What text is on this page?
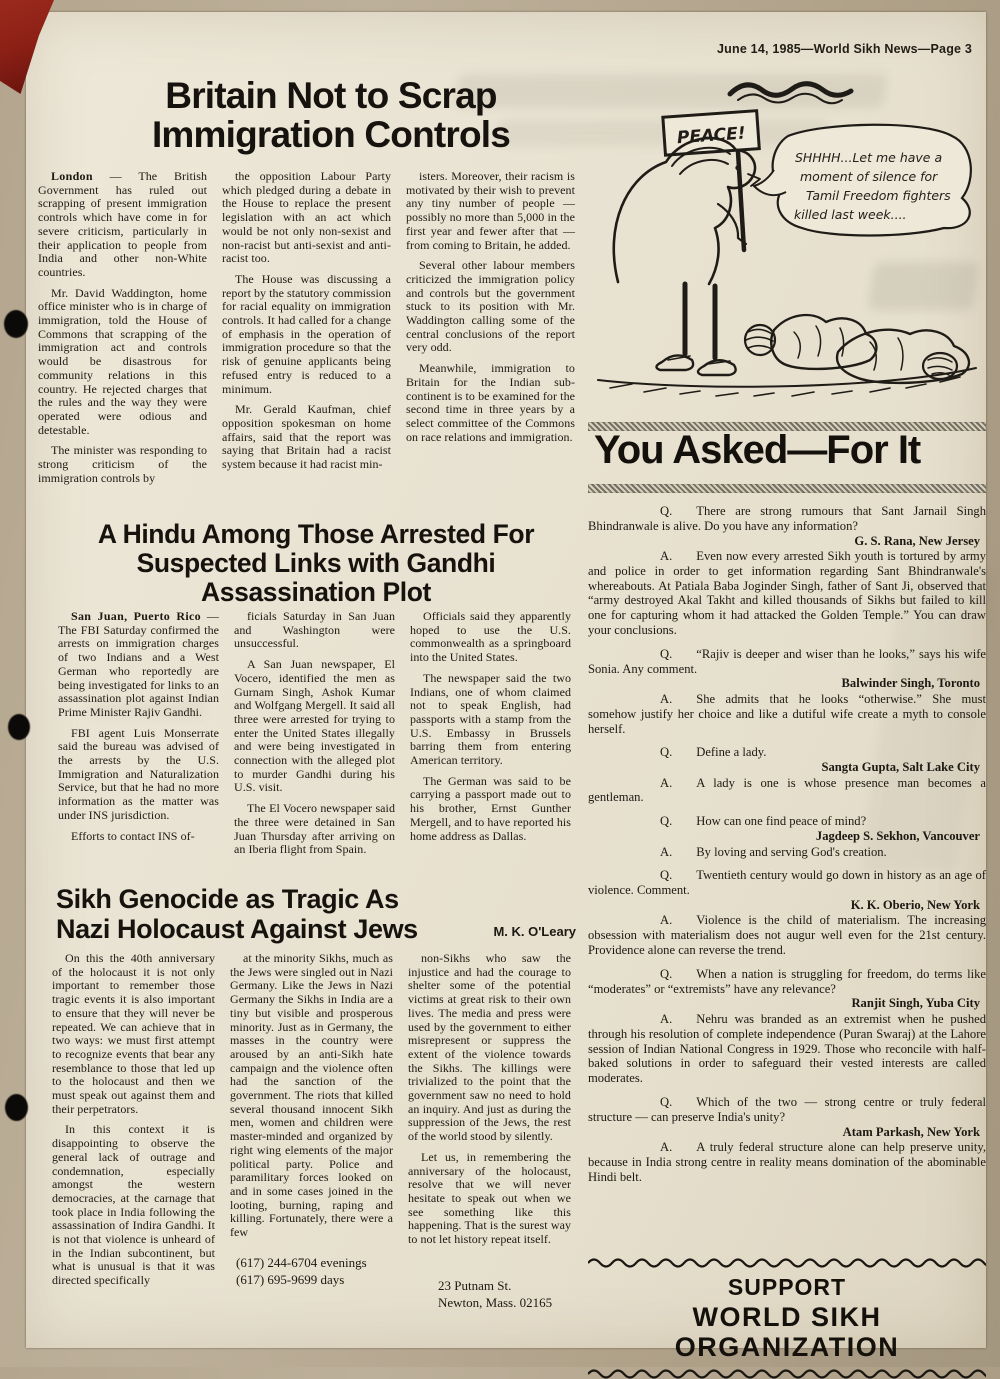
June 14, 1985—World Sikh News—Page 3
Britain Not to Scrap Immigration Controls

London — The British Government has ruled out scrapping of present immigration controls which have come in for severe criticism, particularly in their application to people from India and other non-White countries.

Mr. David Waddington, home office minister who is in charge of immigration, told the House of Commons that scrapping of the immigration act and controls would be disastrous for community relations in this country. He rejected charges that the rules and the way they were operated were odious and detestable.

The minister was responding to strong criticism of the immigration controls by

the opposition Labour Party which pledged during a debate in the House to replace the present legislation with an act which would be not only non-sexist and non-racist but anti-sexist and anti-racist too.

The House was discussing a report by the statutory commission for racial equality on immigration controls. It had called for a change of emphasis in the operation of immigration procedure so that the risk of genuine applicants being refused entry is reduced to a minimum.

Mr. Gerald Kaufman, chief opposition spokesman on home affairs, said that the report was saying that Britain had a racist system because it had racist min-

isters. Moreover, their racism is motivated by their wish to prevent any tiny number of people — possibly no more than 5,000 in the first year and fewer after that — from coming to Britain, he added.

Several other labour members criticized the immigration policy and controls but the government stuck to its position with Mr. Waddington calling some of the central conclusions of the report very odd.

Meanwhile, immigration to Britain for the Indian sub-continent is to be examined for the second time in three years by a select committee of the Commons on race relations and immigration.

A Hindu Among Those Arrested For Suspected Links with Gandhi Assassination Plot

San Juan, Puerto Rico — The FBI Saturday confirmed the arrests on immigration charges of two Indians and a West German who reportedly are being investigated for links to an assassination plot against Indian Prime Minister Rajiv Gandhi.

FBI agent Luis Monserrate said the bureau was advised of the arrests by the U.S. Immigration and Naturalization Service, but that he had no more information as the matter was under INS jurisdiction.

Efforts to contact INS of-

ficials Saturday in San Juan and Washington were unsuccessful.

A San Juan newspaper, El Vocero, identified the men as Gurnam Singh, Ashok Kumar and Wolfgang Mergell. It said all three were arrested for trying to enter the United States illegally and were being investigated in connection with the alleged plot to murder Gandhi during his U.S. visit.

The El Vocero newspaper said the three were detained in San Juan Thursday after arriving on an Iberia flight from Spain.

Officials said they apparently hoped to use the U.S. commonwealth as a springboard into the United States.

The newspaper said the two Indians, one of whom claimed not to speak English, had passports with a stamp from the U.S. Embassy in Brussels barring them from entering American territory.

The German was said to be carrying a passport made out to his brother, Ernst Gunther Mergell, and to have reported his home address as Dallas.

Sikh Genocide as Tragic As
Nazi Holocaust Against Jews	M. K. O'Leary

On this the 40th anniversary of the holocaust it is not only important to remember those tragic events it is also important to ensure that they will never be repeated. We can achieve that in two ways: we must first attempt to recognize events that bear any resemblance to those that led up to the holocaust and then we must speak out against them and their perpetrators.

In this context it is disappointing to observe the general lack of outrage and condemnation, especially amongst the western democracies, at the carnage that took place in India following the assassination of Indira Gandhi. It is not that violence is unheard of in the Indian subcontinent, but what is unusual is that it was directed specifically

at the minority Sikhs, much as the Jews were singled out in Nazi Germany. Like the Jews in Nazi Germany the Sikhs in India are a tiny but visible and prosperous minority. Just as in Germany, the masses in the country were aroused by an anti-Sikh hate campaign and the violence often had the sanction of the government. The riots that killed several thousand innocent Sikh men, women and children were master-minded and organized by right wing elements of the major political party. Police and paramilitary forces looked on and in some cases joined in the looting, burning, raping and killing. Fortunately, there were a few

(617) 244-6704 evenings
(617) 695-9699 days

non-Sikhs who saw the injustice and had the courage to shelter some of the potential victims at great risk to their own lives. The media and press were used by the government to either misrepresent or suppress the extent of the violence towards the Sikhs. The killings were trivialized to the point that the government saw no need to hold an inquiry. And just as during the suppression of the Jews, the rest of the world stood by silently.

Let us, in remembering the anniversary of the holocaust, resolve that we will never hesitate to speak out when we see something like this happening. That is the surest way to not let history repeat itself.

23 Putnam St.
Newton, Mass. 02165
PEACE!
SHHHH...Let me have a
moment of silence for
Tamil Freedom fighters
killed last week....
You Asked—For It

Q. There are strong rumours that Sant Jarnail Singh Bhindranwale is alive. Do you have any information?

G. S. Rana, New Jersey

A. Even now every arrested Sikh youth is tortured by army and police in order to get information regarding Sant Bhindranwale's whereabouts. At Patiala Baba Joginder Singh, father of Sant Ji, observed that “army destroyed Akal Takht and killed thousands of Sikhs but failed to kill one for capturing whom it had attacked the Golden Temple.” You can draw your conclusions.

Q. “Rajiv is deeper and wiser than he looks,” says his wife Sonia. Any comment.

Balwinder Singh, Toronto

A. She admits that he looks “otherwise.” She must somehow justify her choice and like a dutiful wife create a myth to console herself.

Q. Define a lady.

Sangta Gupta, Salt Lake City

A. A lady is one is whose presence man becomes a gentleman.

Q. How can one find peace of mind?

Jagdeep S. Sekhon, Vancouver

A. By loving and serving God's creation.

Q. Twentieth century would go down in history as an age of violence. Comment.

K. K. Oberio, New York

A. Violence is the child of materialism. The increasing obsession with materialism does not augur well even for the 21st century. Providence alone can reverse the trend.

Q. When a nation is struggling for freedom, do terms like “moderates” or “extremists” have any relevance?

Ranjit Singh, Yuba City

A. Nehru was branded as an extremist when he pushed through his resolution of complete independence (Puran Swaraj) at the Lahore session of Indian National Congress in 1929. Those who reconcile with half-baked solutions in order to safeguard their vested interests are called moderates.

Q. Which of the two — strong centre or truly federal structure — can preserve India's unity?

Atam Parkash, New York

A. A truly federal structure alone can help preserve unity, because in India strong centre in reality means domination of the abominable Hindi belt.

SUPPORT
WORLD SIKH ORGANIZATION
